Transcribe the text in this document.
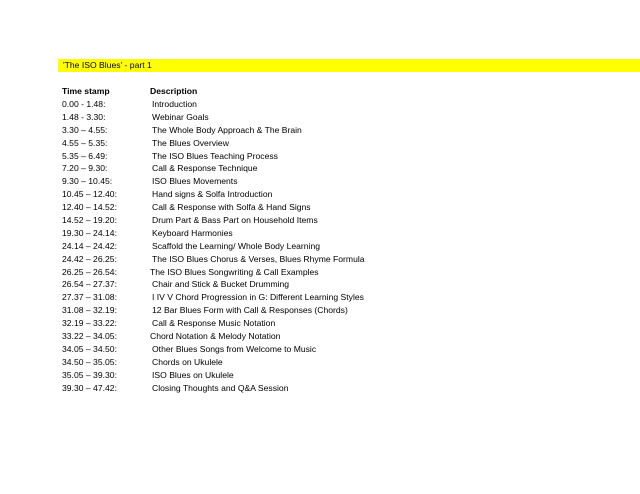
'The ISO Blues' - part 1
Time stamp	Description
0.00 - 1.48:	Introduction
1.48 - 3.30:	Webinar Goals
3.30 – 4.55:	The Whole Body Approach & The Brain
4.55 – 5.35:	The Blues Overview
5.35 – 6.49:	The ISO Blues Teaching Process
7.20 – 9.30:	Call & Response Technique
9.30 – 10.45:	ISO Blues Movements
10.45 – 12.40:	Hand signs & Solfa Introduction
12.40 – 14.52:	Call & Response with Solfa & Hand Signs
14.52 – 19.20:	Drum Part & Bass Part on Household Items
19.30 – 24.14:	Keyboard Harmonies
24.14 – 24.42:	Scaffold the Learning/ Whole Body Learning
24.42 – 26.25:	The ISO Blues Chorus & Verses, Blues Rhyme Formula
26.25 – 26.54:	The ISO Blues Songwriting & Call Examples
26.54 – 27.37:	Chair and Stick & Bucket Drumming
27.37 – 31.08:	I IV V Chord Progression in G: Different Learning Styles
31.08 – 32.19:	12 Bar Blues Form with Call & Responses (Chords)
32.19 – 33.22:	Call & Response Music Notation
33.22 – 34.05:	Chord Notation & Melody Notation
34.05 – 34.50:	Other Blues Songs from Welcome to Music
34.50 – 35.05:	Chords on Ukulele
35.05 – 39.30:	ISO Blues on Ukulele
39.30 – 47.42:	Closing Thoughts and Q&A Session
